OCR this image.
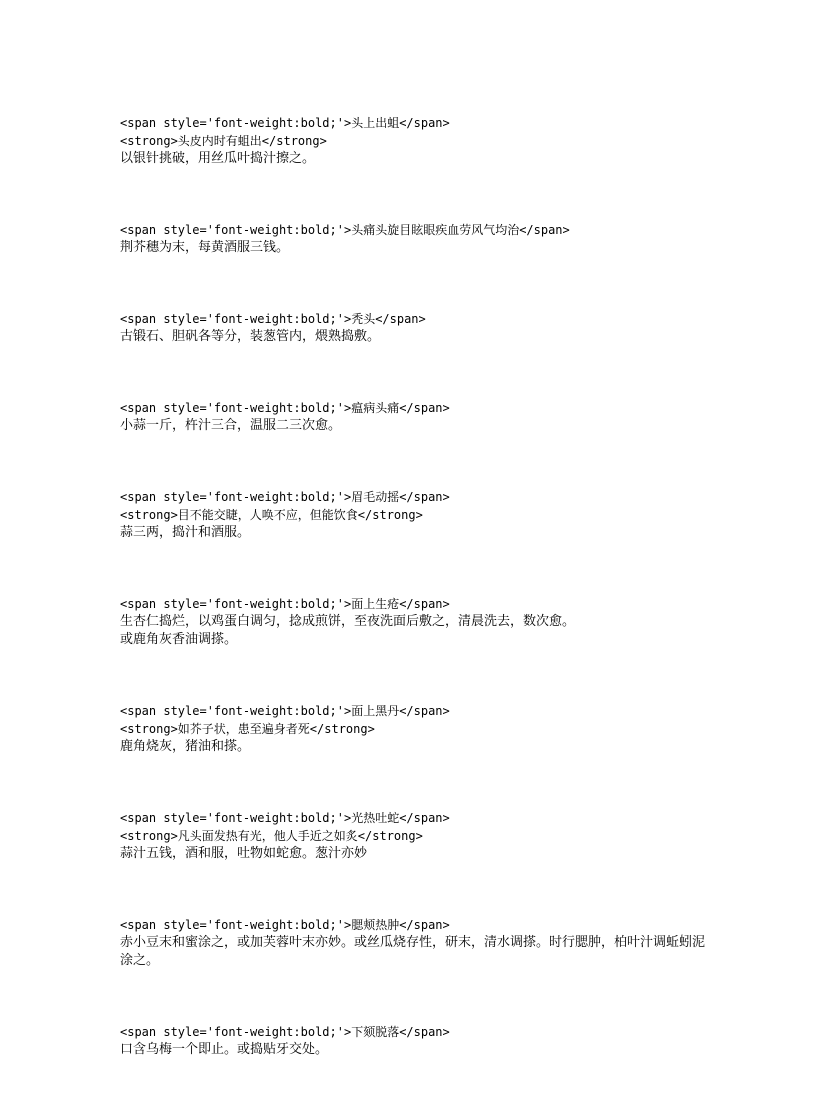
<span style='font-weight:bold;'>头上出蛆</span>
<strong>头皮内时有蛆出</strong>
以银针挑破，用丝瓜叶捣汁擦之。
<span style='font-weight:bold;'>头痛头旋目眩眼疾血劳风气均治</span>
荆芥穗为末，每黄酒服三钱。
<span style='font-weight:bold;'>秃头</span>
古锻石、胆矾各等分，装葱管内，煨熟捣敷。
<span style='font-weight:bold;'>瘟病头痛</span>
小蒜一斤，杵汁三合，温服二三次愈。
<span style='font-weight:bold;'>眉毛动摇</span>
<strong>目不能交睫，人唤不应，但能饮食</strong>
蒜三两，捣汁和酒服。
<span style='font-weight:bold;'>面上生疮</span>
生杏仁捣烂，以鸡蛋白调匀，捻成煎饼，至夜洗面后敷之，清晨洗去，数次愈。
或鹿角灰香油调搽。
<span style='font-weight:bold;'>面上黑丹</span>
<strong>如芥子状，患至遍身者死</strong>
鹿角烧灰，猪油和搽。
<span style='font-weight:bold;'>光热吐蛇</span>
<strong>凡头面发热有光，他人手近之如炙</strong>
蒜汁五钱，酒和服，吐物如蛇愈。葱汁亦妙
<span style='font-weight:bold;'>腮颊热肿</span>
赤小豆末和蜜涂之，或加芙蓉叶末亦妙。或丝瓜烧存性，研末，清水调搽。时行腮肿，柏叶汁调蚯蚓泥涂之。
<span style='font-weight:bold;'>下颏脱落</span>
口含乌梅一个即止。或捣贴牙交处。
